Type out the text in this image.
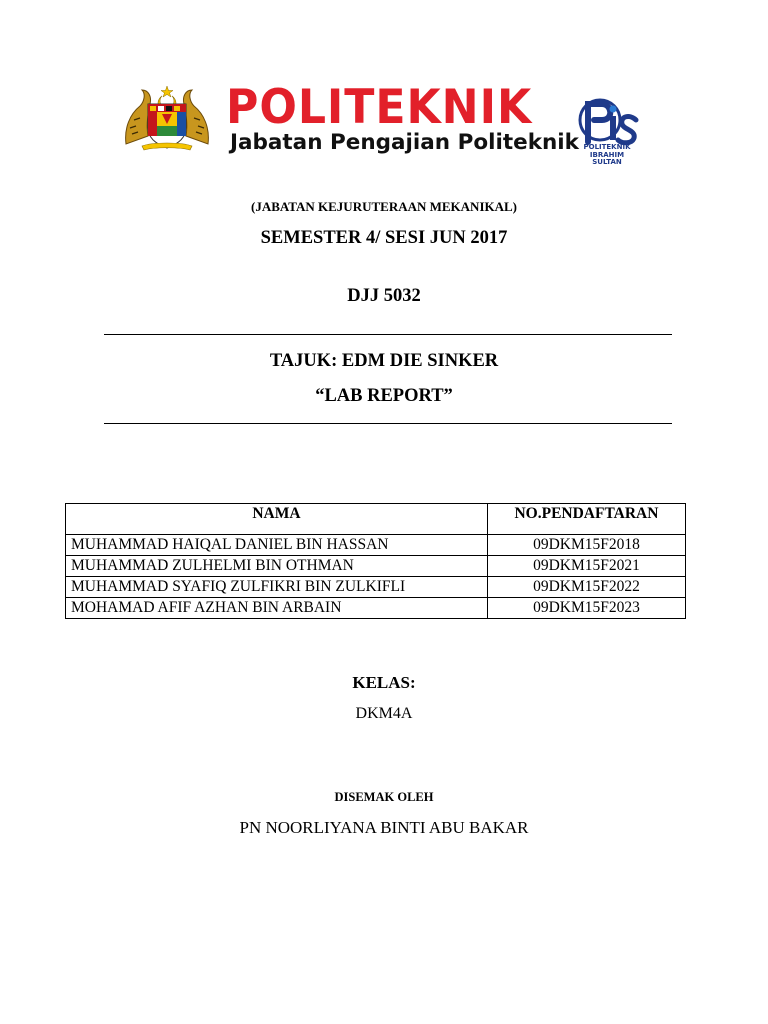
POLITEKNIK
Jabatan Pengajian Politeknik POLITEKNIK
IBRAHIM SULTAN
(JABATAN KEJURUTERAAN MEKANIKAL)
SEMESTER 4/ SESI JUN 2017
DJJ 5032
TAJUK: EDM DIE SINKER
“LAB REPORT”
NAMA	NO.PENDAFTARAN
MUHAMMAD HAIQAL DANIEL BIN HASSAN	09DKM15F2018
MUHAMMAD ZULHELMI BIN OTHMAN	09DKM15F2021
MUHAMMAD SYAFIQ ZULFIKRI BIN ZULKIFLI	09DKM15F2022
MOHAMAD AFIF AZHAN BIN ARBAIN	09DKM15F2023
KELAS:
DKM4A
DISEMAK OLEH
PN NOORLIYANA BINTI ABU BAKAR
